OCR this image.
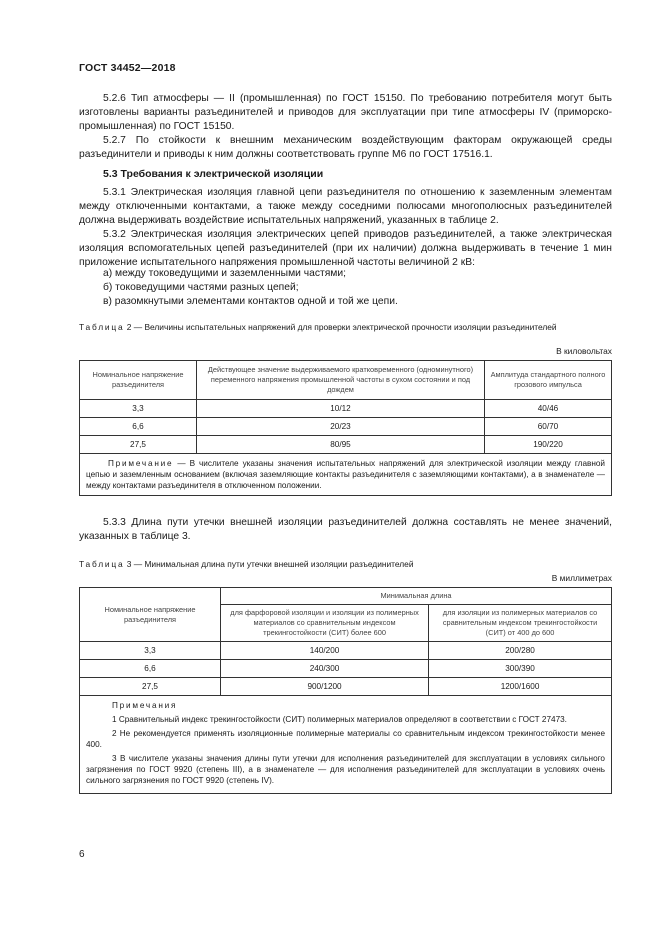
ГОСТ 34452—2018
5.2.6 Тип атмосферы — II (промышленная) по ГОСТ 15150. По требованию потребителя могут быть изготовлены варианты разъединителей и приводов для эксплуатации при типе атмосферы IV (приморско-промышленная) по ГОСТ 15150.
5.2.7 По стойкости к внешним механическим воздействующим факторам окружающей среды разъединители и приводы к ним должны соответствовать группе М6 по ГОСТ 17516.1.
5.3 Требования к электрической изоляции
5.3.1 Электрическая изоляция главной цепи разъединителя по отношению к заземленным элементам между отключенными контактами, а также между соседними полюсами многополюсных разъединителей должна выдерживать воздействие испытательных напряжений, указанных в таблице 2.
5.3.2 Электрическая изоляция электрических цепей приводов разъединителей, а также электрическая изоляция вспомогательных цепей разъединителей (при их наличии) должна выдерживать в течение 1 мин приложение испытательного напряжения промышленной частоты величиной 2 кВ:
а) между токоведущими и заземленными частями;
б) токоведущими частями разных цепей;
в) разомкнутыми элементами контактов одной и той же цепи.
Таблица 2 — Величины испытательных напряжений для проверки электрической прочности изоляции разъединителей
В киловольтах
Номинальное напряжение разъединителя	Действующее значение выдерживаемого кратковременного (одноминутного) переменного напряжения промышленной частоты в сухом состоянии и под дождем	Амплитуда стандартного полного грозового импульса
3,3	10/12	40/46
6,6	20/23	60/70
27,5	80/95	190/220
Примечание — В числителе указаны значения испытательных напряжений для электрической изоляции между главной цепью и заземленным основанием (включая заземляющие контакты разъединителя с заземляющими контактами), а в знаменателе — между контактами разъединителя в отключенном положении.		
5.3.3 Длина пути утечки внешней изоляции разъединителей должна составлять не менее значений, указанных в таблице 3.
Таблица 3 — Минимальная длина пути утечки внешней изоляции разъединителей
В миллиметрах
Номинальное напряжение разъединителя	Минимальная длина	
	для фарфоровой изоляции и изоляции из полимерных материалов со сравнительным индексом трекингостойкости (СИТ) более 600	для изоляции из полимерных материалов со сравнительным индексом трекингостойкости (СИТ) от 400 до 600
3,3	140/200	200/280
6,6	240/300	300/390
27,5	900/1200	1200/1600

Примечания
1 Сравнительный индекс трекингостойкости (СИТ) полимерных материалов определяют в соответствии с ГОСТ 27473.
2 Не рекомендуется применять изоляционные полимерные материалы со сравнительным индексом трекингостойкости менее 400.
3 В числителе указаны значения длины пути утечки для исполнения разъединителей для эксплуатации в условиях сильного загрязнения по ГОСТ 9920 (степень III), а в знаменателе — для исполнения разъединителей для эксплуатации в условиях очень сильного загрязнения по ГОСТ 9920 (степень IV).		
6
